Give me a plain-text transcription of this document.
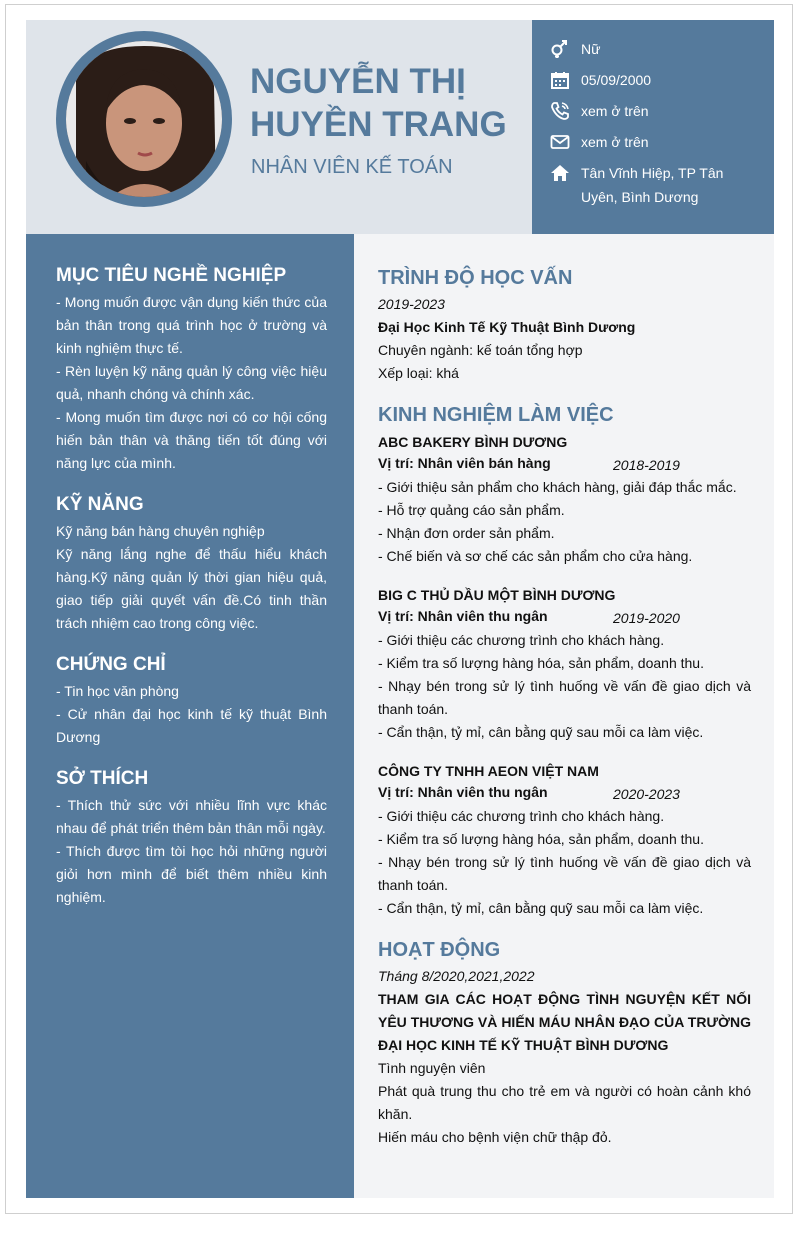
NGUYỄN THỊ HUYỀN TRANG
NHÂN VIÊN KẾ TOÁN
Nữ
05/09/2000
xem ở trên
xem ở trên
Tân Vĩnh Hiệp, TP Tân Uyên, Bình Dương
MỤC TIÊU NGHỀ NGHIỆP
- Mong muốn được vận dụng kiến thức của bản thân trong quá trình học ở trường và kinh nghiệm thực tế.
- Rèn luyện kỹ năng quản lý công việc hiệu quả, nhanh chóng và chính xác.
- Mong muốn tìm được nơi có cơ hội cống hiến bản thân và thăng tiến tốt đúng với năng lực của mình.
KỸ NĂNG
Kỹ năng bán hàng chuyên nghiệp
Kỹ năng lắng nghe để thấu hiểu khách hàng.Kỹ năng quản lý thời gian hiệu quả, giao tiếp giải quyết vấn đề.Có tinh thần trách nhiệm cao trong công việc.
CHỨNG CHỈ
- Tin học văn phòng
- Cử nhân đại học kinh tế kỹ thuật Bình Dương
SỞ THÍCH
- Thích thử sức với nhiều lĩnh vực khác nhau để phát triển thêm bản thân mỗi ngày.
- Thích được tìm tòi học hỏi những người giỏi hơn mình để biết thêm nhiều kinh nghiệm.
TRÌNH ĐỘ HỌC VẤN
2019-2023
Đại Học Kinh Tế Kỹ Thuật Bình Dương
Chuyên ngành: kế toán tổng hợp
Xếp loại: khá
KINH NGHIỆM LÀM VIỆC
ABC BAKERY BÌNH DƯƠNG
Vị trí: Nhân viên bán hàng	2018-2019
- Giới thiệu sản phẩm cho khách hàng, giải đáp thắc mắc.
- Hỗ trợ quảng cáo sản phẩm.
- Nhận đơn order sản phẩm.
- Chế biến và sơ chế các sản phẩm cho cửa hàng.
BIG C THỦ DẦU MỘT BÌNH DƯƠNG
Vị trí: Nhân viên thu ngân	2019-2020
- Giới thiệu các chương trình cho khách hàng.
- Kiểm tra số lượng hàng hóa, sản phẩm, doanh thu.
- Nhạy bén trong sử lý tình huống về vấn đề giao dịch và thanh toán.
- Cẩn thận, tỷ mỉ, cân bằng quỹ sau mỗi ca làm việc.
CÔNG TY TNHH AEON VIỆT NAM
Vị trí: Nhân viên thu ngân	2020-2023
- Giới thiệu các chương trình cho khách hàng.
- Kiểm tra số lượng hàng hóa, sản phẩm, doanh thu.
- Nhạy bén trong sử lý tình huống về vấn đề giao dịch và thanh toán.
- Cẩn thận, tỷ mỉ, cân bằng quỹ sau mỗi ca làm việc.
HOẠT ĐỘNG
Tháng 8/2020,2021,2022
THAM GIA CÁC HOẠT ĐỘNG TÌNH NGUYỆN KẾT NỐI YÊU THƯƠNG VÀ HIẾN MÁU NHÂN ĐẠO CỦA TRƯỜNG ĐẠI HỌC KINH TẾ KỸ THUẬT BÌNH DƯƠNG
Tình nguyện viên
Phát quà trung thu cho trẻ em và người có hoàn cảnh khó khăn.
Hiến máu cho bệnh viện chữ thập đỏ.
